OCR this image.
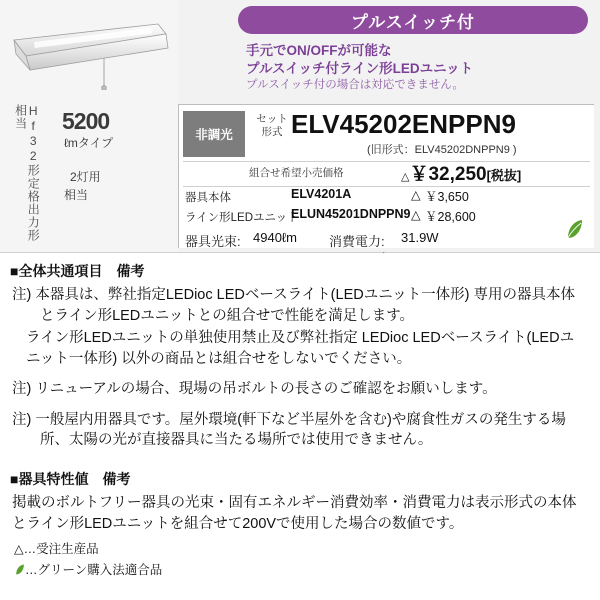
Hf32形定格出力形相当	5200
ℓmタイプ
2灯用
相当
プルスイッチ付
手元でON/OFFが可能な
プルスイッチ付ライン形LEDユニット
プルスイッチ付の場合は対応できません。
非調光
セット
形式 ELV45202ENPPN9
(旧形式：ELV45202DNPPN9 )
組合せ希望小売価格	△￥32,250[税抜]
器具本体	ELV4201A	△ ￥3,650
ライン形LEDユニット
ELUN45201DNPPN9 △ ￥28,600
器具光束: 4940ℓm 消費電力: 31.9W
■全体共通項目　備考
注) 本器具は、弊社指定LEDioc LEDベースライト(LEDユニット一体形) 専用の器具本体とライン形LEDユニットとの組合せで性能を満足します。
ライン形LEDユニットの単独使用禁止及び弊社指定 LEDioc LEDベースライト(LEDユニット一体形) 以外の商品とは組合せをしないでください。
注) リニューアルの場合、現場の吊ボルトの長さのご確認をお願いします。
注) 一般屋内用器具です。屋外環境(軒下など半屋外を含む)や腐食性ガスの発生する場所、太陽の光が直接器具に当たる場所では使用できません。
■器具特性値　備考
掲載のボルトフリー器具の光束・固有エネルギー消費効率・消費電力は表示形式の本体とライン形LEDユニットを組合せて200Vで使用した場合の数値です。
△…受注生産品
…グリーン購入法適合品
